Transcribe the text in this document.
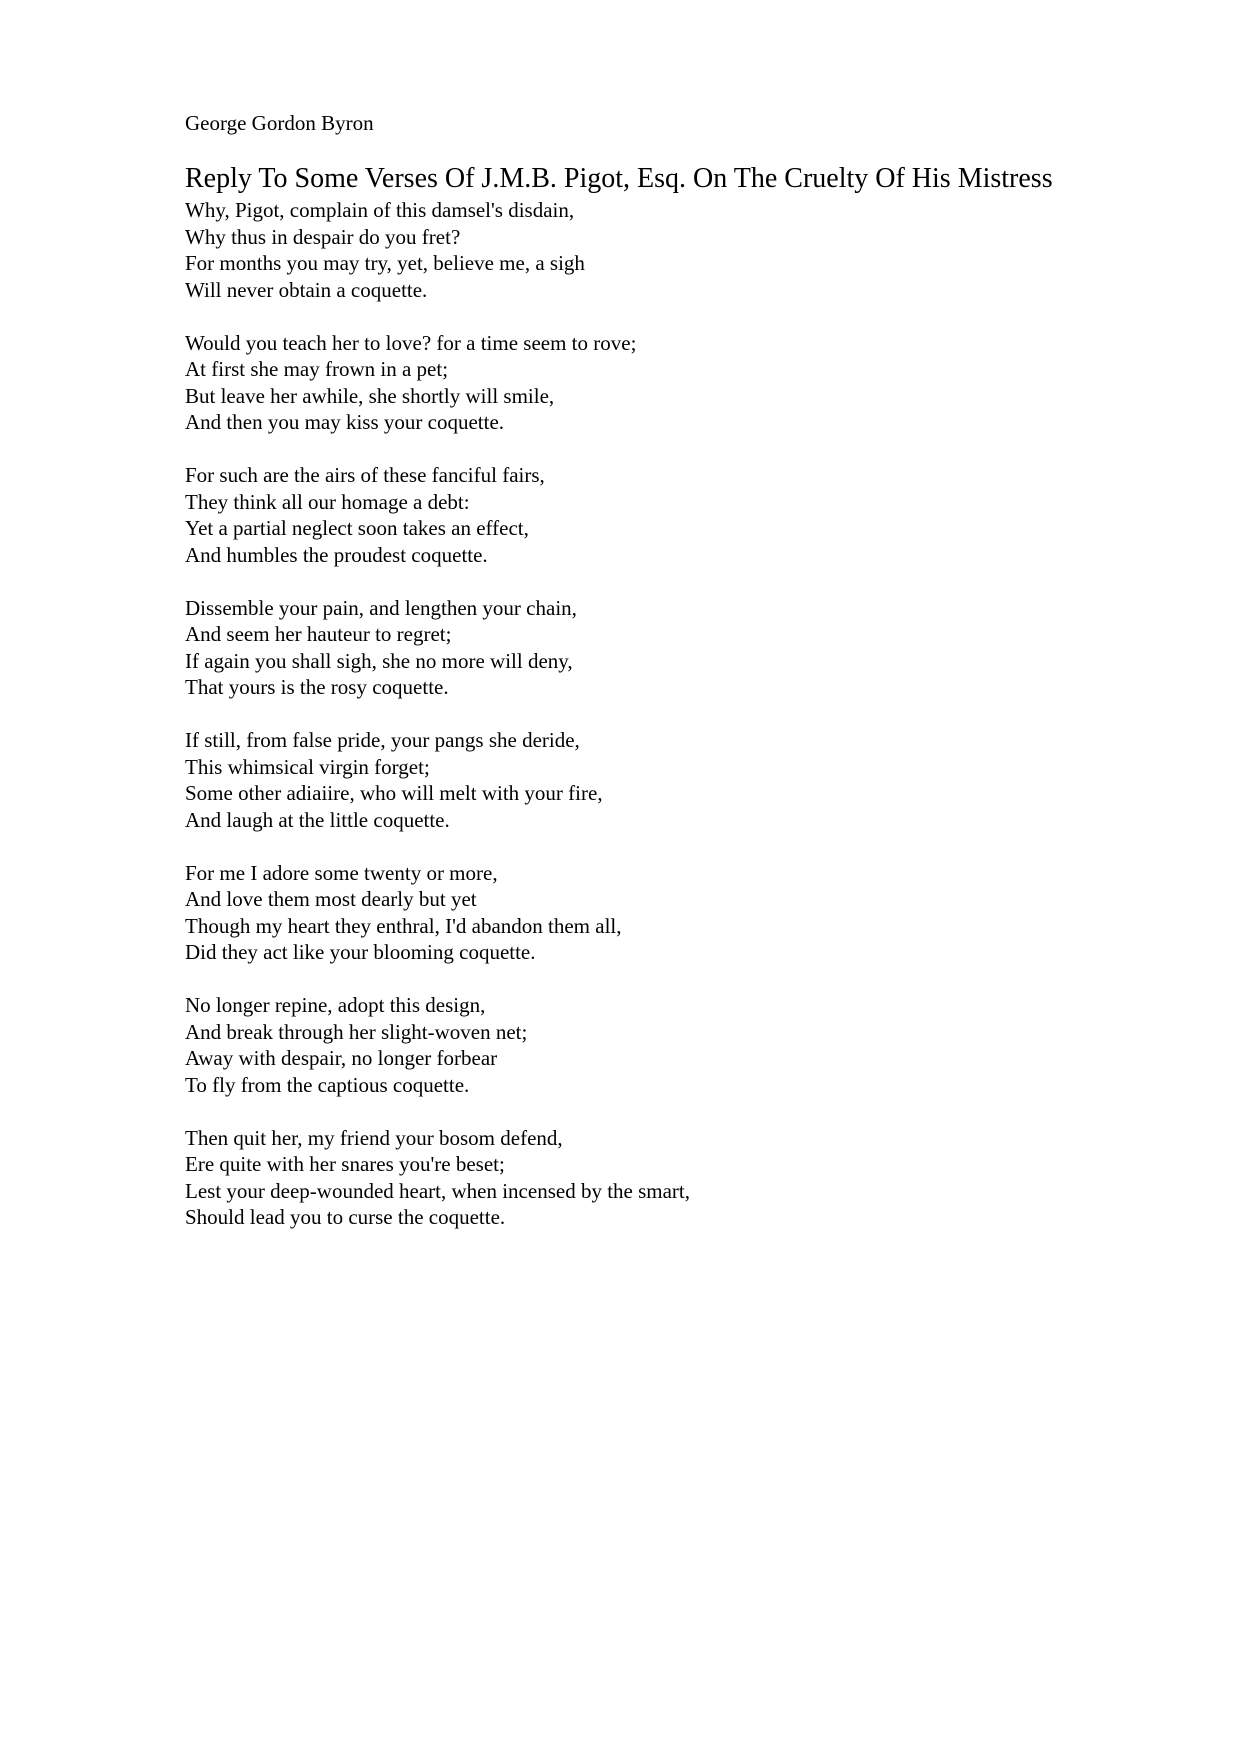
George Gordon Byron
Reply To Some Verses Of J.M.B. Pigot, Esq. On The Cruelty Of His Mistress
Why, Pigot, complain of this damsel's disdain,
Why thus in despair do you fret?
For months you may try, yet, believe me, a sigh
Will never obtain a coquette.
Would you teach her to love? for a time seem to rove;
At first she may frown in a pet;
But leave her awhile, she shortly will smile,
And then you may kiss your coquette.
For such are the airs of these fanciful fairs,
They think all our homage a debt:
Yet a partial neglect soon takes an effect,
And humbles the proudest coquette.
Dissemble your pain, and lengthen your chain,
And seem her hauteur to regret;
If again you shall sigh, she no more will deny,
That yours is the rosy coquette.
If still, from false pride, your pangs she deride,
This whimsical virgin forget;
Some other adiaiire, who will melt with your fire,
And laugh at the little coquette.
For me I adore some twenty or more,
And love them most dearly but yet
Though my heart they enthral, I'd abandon them all,
Did they act like your blooming coquette.
No longer repine, adopt this design,
And break through her slight-woven net;
Away with despair, no longer forbear
To fly from the captious coquette.
Then quit her, my friend your bosom defend,
Ere quite with her snares you're beset;
Lest your deep-wounded heart, when incensed by the smart,
Should lead you to curse the coquette.
